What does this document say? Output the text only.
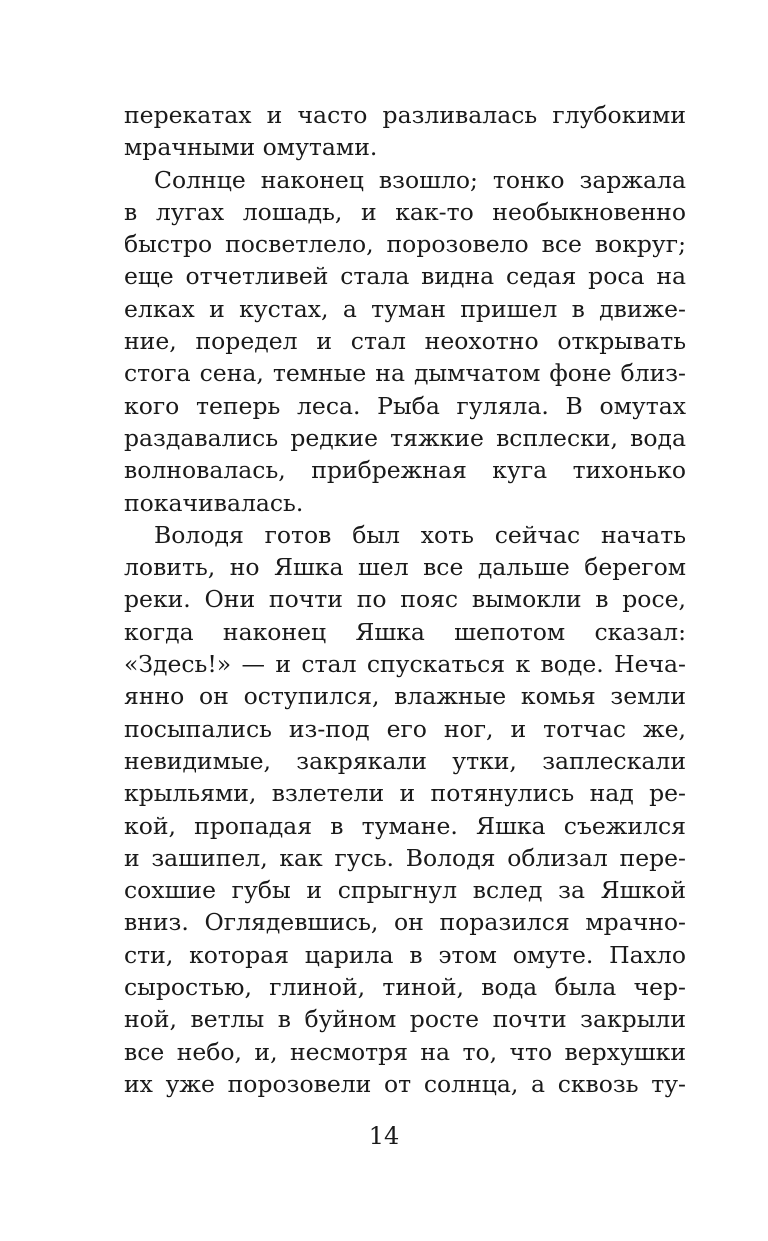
перекатах и часто разливалась глубокими
мрачными омутами.
Солнце наконец взошло; тонко заржала
в лугах лошадь, и как-то необыкновенно
быстро посветлело, порозовело все вокруг;
еще отчетливей стала видна седая роса на
елках и кустах, а туман пришел в движе-
ние, поредел и стал неохотно открывать
стога сена, темные на дымчатом фоне близ-
кого теперь леса. Рыба гуляла. В омутах
раздавались редкие тяжкие всплески, вода
волновалась, прибрежная куга тихонько
покачивалась.
Володя готов был хоть сейчас начать
ловить, но Яшка шел все дальше берегом
реки. Они почти по пояс вымокли в росе,
когда наконец Яшка шепотом сказал:
«Здесь!» — и стал спускаться к воде. Неча-
янно он оступился, влажные комья земли
посыпались из-под его ног, и тотчас же,
невидимые, закрякали утки, заплескали
крыльями, взлетели и потянулись над ре-
кой, пропадая в тумане. Яшка съежился
и зашипел, как гусь. Володя облизал пере-
сохшие губы и спрыгнул вслед за Яшкой
вниз. Оглядевшись, он поразился мрачно-
сти, которая царила в этом омуте. Пахло
сыростью, глиной, тиной, вода была чер-
ной, ветлы в буйном росте почти закрыли
все небо, и, несмотря на то, что верхушки
их уже порозовели от солнца, а сквозь ту-
14
